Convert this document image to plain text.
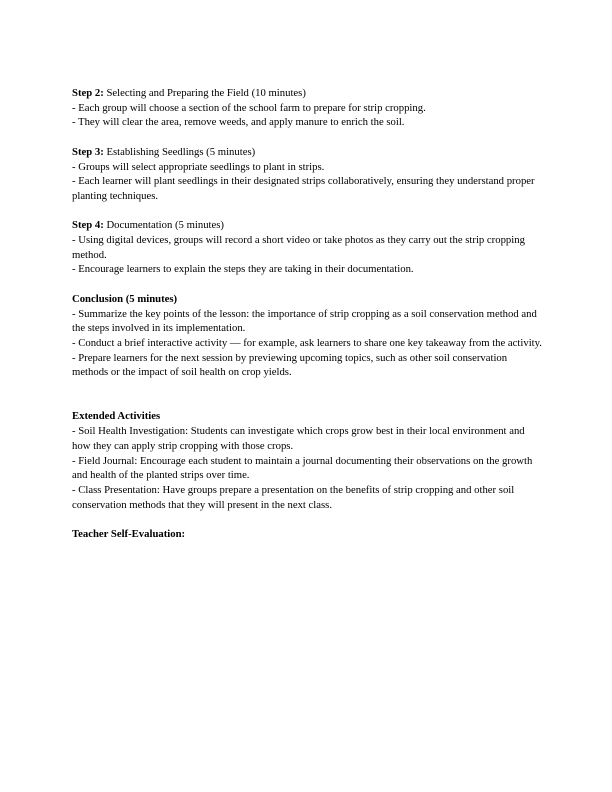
Step 2: Selecting and Preparing the Field (10 minutes)

- Each group will choose a section of the school farm to prepare for strip cropping.

- They will clear the area, remove weeds, and apply manure to enrich the soil.

Step 3: Establishing Seedlings (5 minutes)

- Groups will select appropriate seedlings to plant in strips.

- Each learner will plant seedlings in their designated strips collaboratively, ensuring they understand proper planting techniques.

Step 4: Documentation (5 minutes)

- Using digital devices, groups will record a short video or take photos as they carry out the strip cropping method.

- Encourage learners to explain the steps they are taking in their documentation.

Conclusion (5 minutes)

- Summarize the key points of the lesson: the importance of strip cropping as a soil conservation method and the steps involved in its implementation.

- Conduct a brief interactive activity — for example, ask learners to share one key takeaway from the activity.

- Prepare learners for the next session by previewing upcoming topics, such as other soil conservation methods or the impact of soil health on crop yields.

Extended Activities

- Soil Health Investigation: Students can investigate which crops grow best in their local environment and how they can apply strip cropping with those crops.

- Field Journal: Encourage each student to maintain a journal documenting their observations on the growth and health of the planted strips over time.

- Class Presentation: Have groups prepare a presentation on the benefits of strip cropping and other soil conservation methods that they will present in the next class.

Teacher Self-Evaluation:
